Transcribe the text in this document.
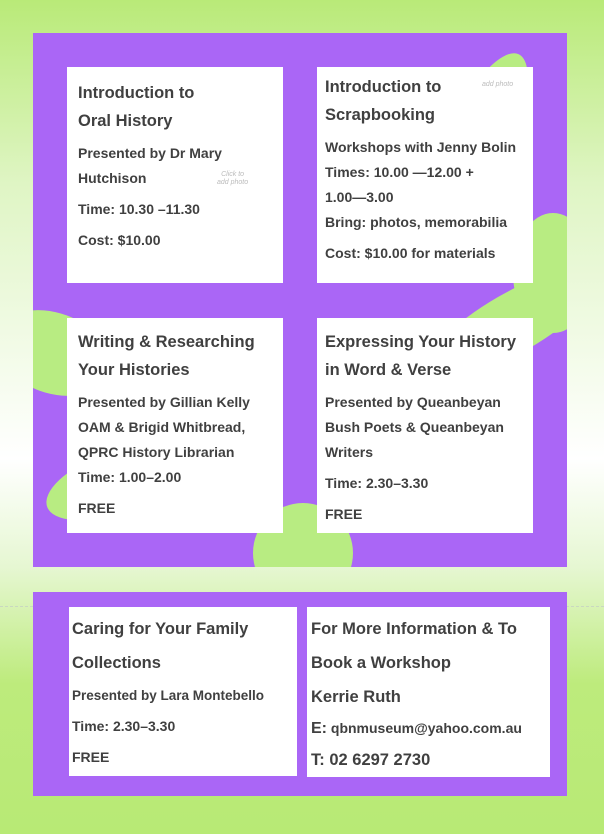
Introduction to
Oral History
Presented by Dr Mary
Hutchison
Time: 10.30 –11.30
Cost: $10.00
Click to
add photo
Introduction to
Scrapbooking
Workshops with Jenny Bolin
Times: 10.00 —12.00 +
1.00—3.00
Bring: photos, memorabilia
Cost: $10.00 for materials
add photo
Writing & Researching
Your Histories
Presented by Gillian Kelly
OAM & Brigid Whitbread,
QPRC History Librarian
Time: 1.00–2.00
FREE
Expressing Your History
in Word & Verse
Presented by Queanbeyan
Bush Poets & Queanbeyan
Writers
Time: 2.30–3.30
FREE
Caring for Your Family
Collections
Presented by Lara Montebello
Time: 2.30–3.30
FREE
For More Information & To
Book a Workshop
Kerrie Ruth
E: qbnmuseum@yahoo.com.au
T: 02 6297 2730
